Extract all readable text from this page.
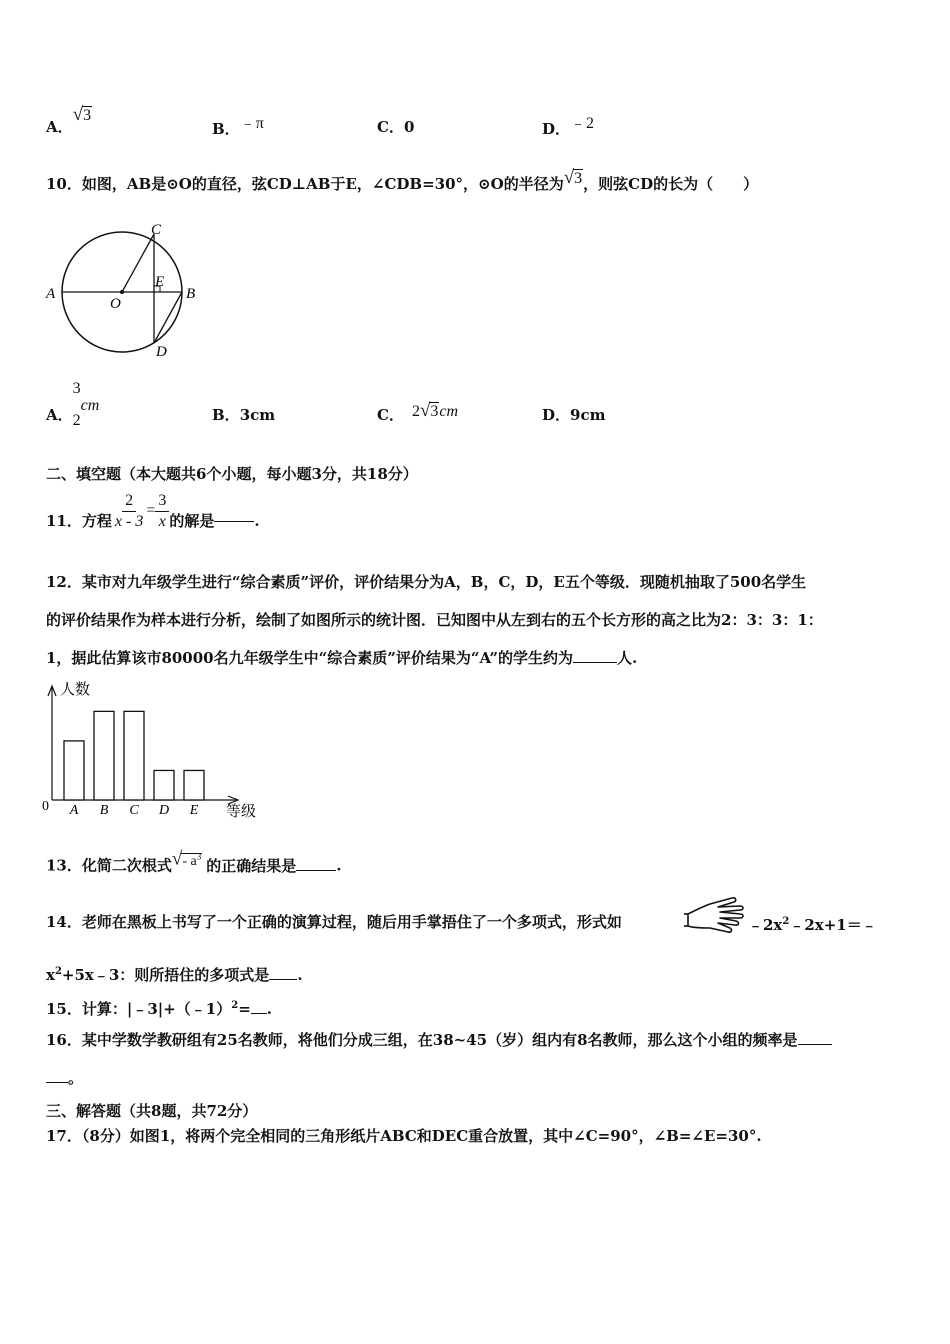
A．√3
B．﹣π	C．0	D．﹣2
10．如图，AB是⊙O的直径，弦CD⊥AB于E，∠CDB=30°，⊙O的半径为√3，则弦CD的长为（　　）
A	B
C
D
E
O
A．
3
2
cm
B．3cm	C． 2√3cm	D．9cm
二、填空题（本大题共6个小题，每小题3分，共18分）
11． 方程 $\frac{2}{x - 3} = \frac{3}{x}$ 的解是	.
12．某市对九年级学生进行“综合素质”评价，评价结果分为A，B，C，D，E五个等级．现随机抽取了500名学生
的评价结果作为样本进行分析，绘制了如图所示的统计图．已知图中从左到右的五个长方形的高之比为2：3：3：1：
1，据此估算该市80000名九年级学生中“综合素质”评价结果为“A”的学生约为	人.
人数
等级
0 A B C D E
13．化简二次根式√- $a^3$的正确结果是	.
14．老师在黑板上书写了一个正确的演算过程，随后用手掌捂住了一个多项式，形式如	$﹣2x^2﹣2x+1=﹣$
$x^2+5x﹣3$：则所捂住的多项式是 .
15．计算：|﹣3|+（﹣1）$^2$= .
16．某中学数学教研组有25名教师，将他们分成三组，在38~45（岁）组内有8名教师，那么这个小组的频率是
。
三、解答题（共8题，共72分）
17．（8分）如图1，将两个完全相同的三角形纸片ABC和DEC重合放置，其中∠C=90°，∠B=∠E=30°.
